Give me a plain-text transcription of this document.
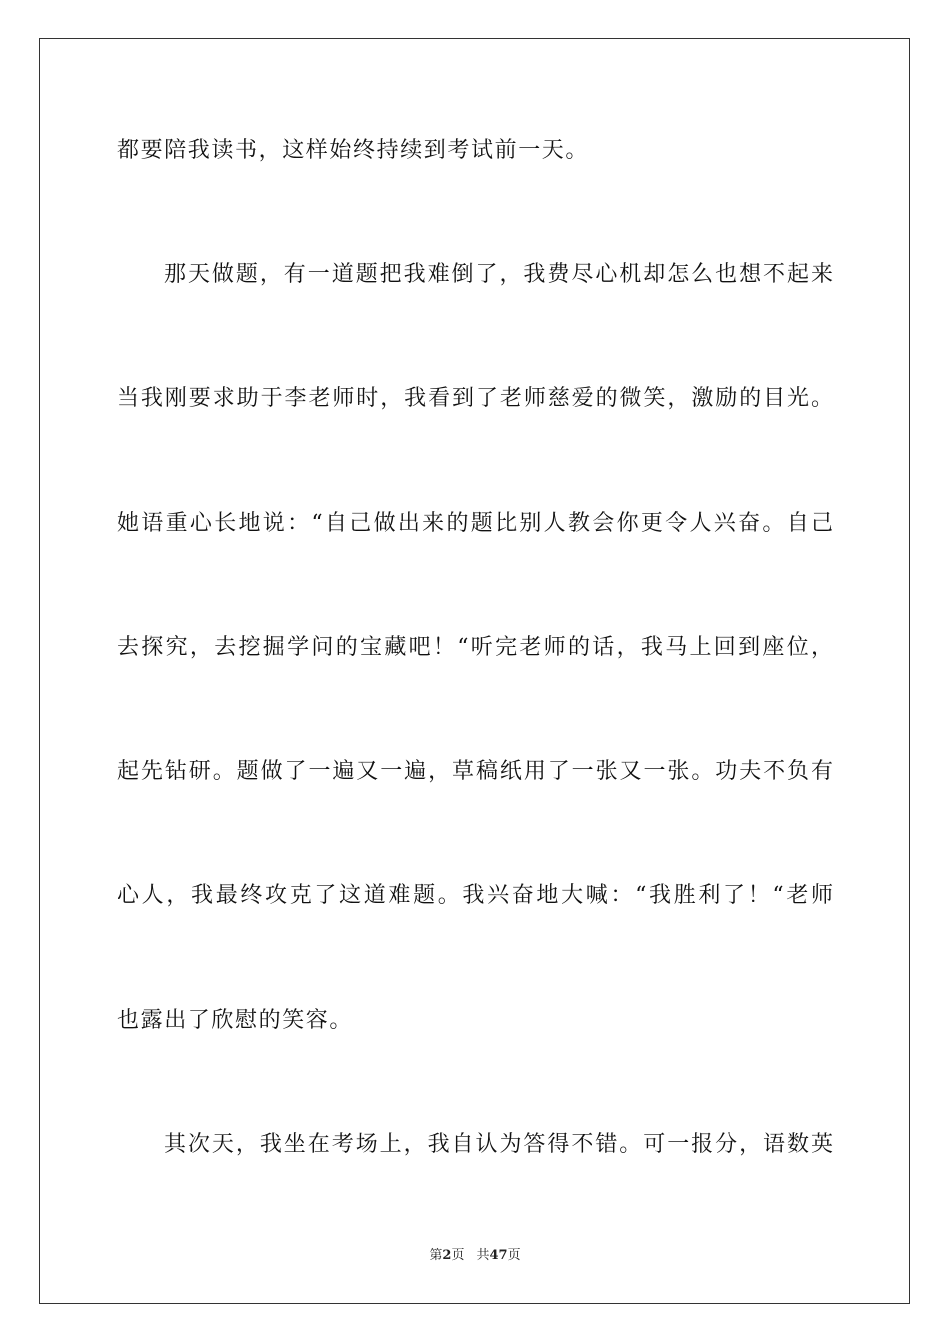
都要陪我读书，这样始终持续到考试前一天。
那天做题，有一道题把我难倒了，我费尽心机却怎么也想不起来
当我刚要求助于李老师时，我看到了老师慈爱的微笑，激励的目光。
她语重心长地说：“自己做出来的题比别人教会你更令人兴奋。自己
去探究，去挖掘学问的宝藏吧！“听完老师的话，我马上回到座位，
起先钻研。题做了一遍又一遍，草稿纸用了一张又一张。功夫不负有
心人，我最终攻克了这道难题。我兴奋地大喊：“我胜利了！“老师
也露出了欣慰的笑容。
其次天，我坐在考场上，我自认为答得不错。可一报分，语数英
第2页 共47页
